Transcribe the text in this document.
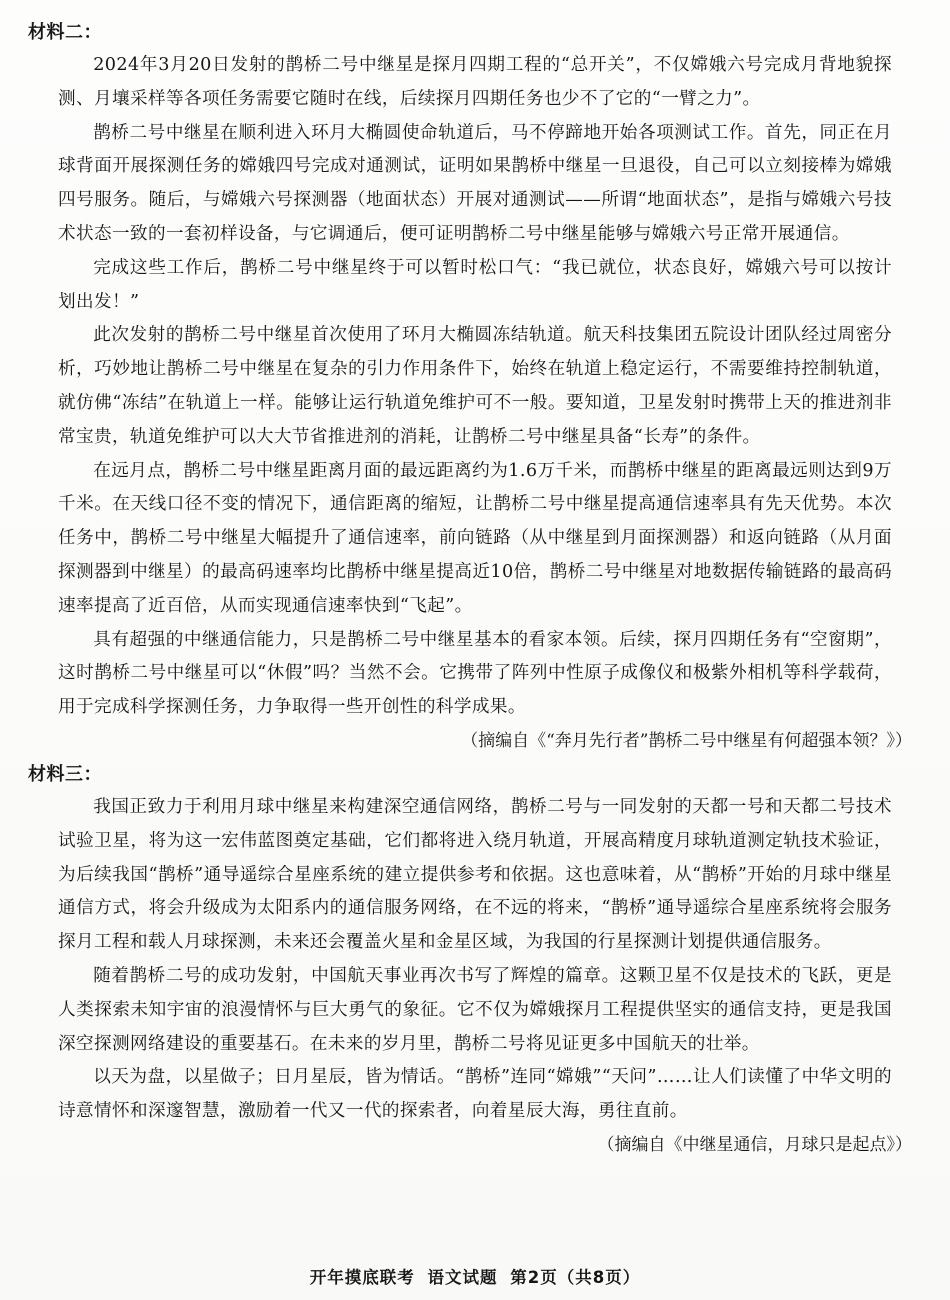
材料二：

2024年3月20日发射的鹊桥二号中继星是探月四期工程的“总开关”，不仅嫦娥六号完成月背地貌探测、月壤采样等各项任务需要它随时在线，后续探月四期任务也少不了它的“一臂之力”。

鹊桥二号中继星在顺利进入环月大椭圆使命轨道后，马不停蹄地开始各项测试工作。首先，同正在月球背面开展探测任务的嫦娥四号完成对通测试，证明如果鹊桥中继星一旦退役，自己可以立刻接棒为嫦娥四号服务。随后，与嫦娥六号探测器（地面状态）开展对通测试——所谓“地面状态”，是指与嫦娥六号技术状态一致的一套初样设备，与它调通后，便可证明鹊桥二号中继星能够与嫦娥六号正常开展通信。

完成这些工作后，鹊桥二号中继星终于可以暂时松口气：“我已就位，状态良好，嫦娥六号可以按计划出发！”

此次发射的鹊桥二号中继星首次使用了环月大椭圆冻结轨道。航天科技集团五院设计团队经过周密分析，巧妙地让鹊桥二号中继星在复杂的引力作用条件下，始终在轨道上稳定运行，不需要维持控制轨道，就仿佛“冻结”在轨道上一样。能够让运行轨道免维护可不一般。要知道，卫星发射时携带上天的推进剂非常宝贵，轨道免维护可以大大节省推进剂的消耗，让鹊桥二号中继星具备“长寿”的条件。

在远月点，鹊桥二号中继星距离月面的最远距离约为1.6万千米，而鹊桥中继星的距离最远则达到9万千米。在天线口径不变的情况下，通信距离的缩短，让鹊桥二号中继星提高通信速率具有先天优势。本次任务中，鹊桥二号中继星大幅提升了通信速率，前向链路（从中继星到月面探测器）和返向链路（从月面探测器到中继星）的最高码速率均比鹊桥中继星提高近10倍，鹊桥二号中继星对地数据传输链路的最高码速率提高了近百倍，从而实现通信速率快到“飞起”。

具有超强的中继通信能力，只是鹊桥二号中继星基本的看家本领。后续，探月四期任务有“空窗期”，这时鹊桥二号中继星可以“休假”吗？当然不会。它携带了阵列中性原子成像仪和极紫外相机等科学载荷，用于完成科学探测任务，力争取得一些开创性的科学成果。

（摘编自《“奔月先行者”鹊桥二号中继星有何超强本领？》）
材料三：

我国正致力于利用月球中继星来构建深空通信网络，鹊桥二号与一同发射的天都一号和天都二号技术试验卫星，将为这一宏伟蓝图奠定基础，它们都将进入绕月轨道，开展高精度月球轨道测定轨技术验证，为后续我国“鹊桥”通导遥综合星座系统的建立提供参考和依据。这也意味着，从“鹊桥”开始的月球中继星通信方式，将会升级成为太阳系内的通信服务网络，在不远的将来，“鹊桥”通导遥综合星座系统将会服务探月工程和载人月球探测，未来还会覆盖火星和金星区域，为我国的行星探测计划提供通信服务。

随着鹊桥二号的成功发射，中国航天事业再次书写了辉煌的篇章。这颗卫星不仅是技术的飞跃，更是人类探索未知宇宙的浪漫情怀与巨大勇气的象征。它不仅为嫦娥探月工程提供坚实的通信支持，更是我国深空探测网络建设的重要基石。在未来的岁月里，鹊桥二号将见证更多中国航天的壮举。

以天为盘，以星做子；日月星辰，皆为情话。“鹊桥”连同“嫦娥”“天问”……让人们读懂了中华文明的诗意情怀和深邃智慧，激励着一代又一代的探索者，向着星辰大海，勇往直前。

（摘编自《中继星通信，月球只是起点》）
开年摸底联考 语文试题 第2页（共8页）
